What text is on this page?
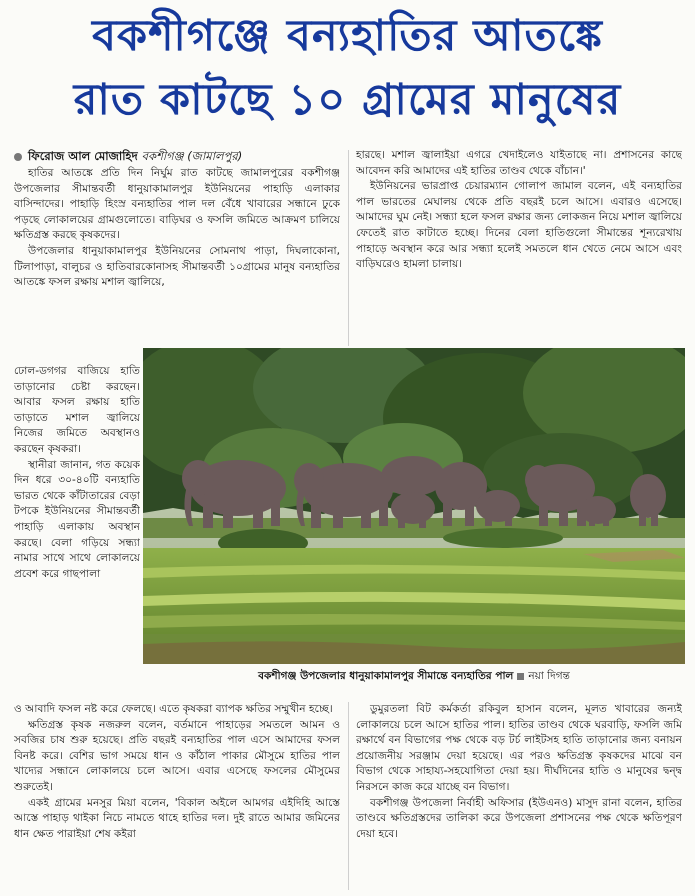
বকশীগঞ্জে বন্যহাতির আতঙ্কে
রাত কাটছে ১০ গ্রামের মানুষের
ফিরোজ আল মোজাহিদ বকশীগঞ্জ (জামালপুর)

হাতির আতঙ্কে প্রতি দিন নির্ঘুম রাত কাটছে জামালপুরের বকশীগঞ্জ উপজেলার সীমান্তবর্তী ধানুয়াকামালপুর ইউনিয়নের পাহাড়ি এলাকার বাসিন্দাদের। পাহাড়ি হিংস্র বন্যহাতির পাল দল বেঁধে খাবারের সন্ধানে ঢুকে পড়ছে লোকালয়ের গ্রামগুলোতে। বাড়িঘর ও ফসলি জমিতে আক্রমণ চালিয়ে ক্ষতিগ্রস্ত করছে কৃষকদের।

উপজেলার ধানুয়াকামালপুর ইউনিয়নের সোমনাথ পাড়া, দিঘলাকোনা, টিলাপাড়া, বালুচর ও হাতিবারকোনাসহ সীমান্তবর্তী ১০গ্রামের মানুষ বন্যহাতির আতঙ্কে ফসল রক্ষায় মশাল জ্বালিয়ে,

হারছে। মশাল জ্বালাইয়া এগরে খেদাইলেও যাইতাছে না। প্রশাসনের কাছে আবেদন করি আমাদের এই হাতির তাণ্ডব থেকে বাঁচান।'

ইউনিয়নের ভারপ্রাপ্ত চেয়ারম্যান গোলাপ জামাল বলেন, এই বন্যহাতির পাল ভারতের মেঘালয় থেকে প্রতি বছরই চলে আসে। এবারও এসেছে। আমাদের ঘুম নেই। সন্ধ্যা হলে ফসল রক্ষার জন্য লোকজন নিয়ে মশাল জ্বালিয়ে ফেতেই রাত কাটাতে হচ্ছে। দিনের বেলা হাতিগুলো সীমান্তের শূন্যরেখায় পাহাড়ে অবস্থান করে আর সন্ধ্যা হলেই সমতলে ধান খেতে নেমে আসে এবং বাড়িঘরেও হামলা চালায়।

ঢোল-ডগগর বাজিয়ে হাতি তাড়ানোর চেষ্টা করছেন। আবার ফসল রক্ষায় হাতি তাড়াতে মশাল জ্বালিয়ে নিজের জমিতে অবস্থানও করছেন কৃষকরা।

স্থানীরা জানান, গত কয়েক দিন ধরে ৩০-৪০টি বন্যহাতি ভারত থেকে কাঁটাতারের বেড়া টপকে ইউনিয়নের সীমান্তবর্তী পাহাড়ি এলাকায় অবস্থান করছে। বেলা গড়িয়ে সন্ধ্যা নামার সাথে সাথে লোকালয়ে প্রবেশ করে গাছপালা

বকশীগঞ্জ উপজেলার ধানুয়াকামালপুর সীমান্তে বন্যহাতির পাল নয়া দিগন্ত

ও আবাদি ফসল নষ্ট করে ফেলছে। এতে কৃষকরা ব্যাপক ক্ষতির সম্মুখীন হচ্ছে।

ক্ষতিগ্রস্ত কৃষক নজরুল বলেন, বর্তমানে পাহাড়ের সমতলে আমন ও সবজির চাষ শুরু হয়েছে। প্রতি বছরই বন্যহাতির পাল এসে আমাদের ফসল বিনষ্ট করে। বেশির ভাগ সময়ে ধান ও কাঁঠাল পাকার মৌসুমে হাতির পাল খাদ্যের সন্ধানে লোকালয়ে চলে আসে। এবার এসেছে ফসলের মৌসুমের শুরুতেই।

একই গ্রামের মনসুর মিয়া বলেন, 'বিকাল অইলে আমগর এইদিহি আস্তে আস্তে পাহাড় থাইকা নিচে নামতে থাহে হাতির দল। দুই রাতে আমার জমিনের ধান ক্ষেত পারাইয়া শেষ কইরা

ডুমুরতলা বিট কর্মকর্তা রকিবুল হাসান বলেন, মূলত খাবারের জন্যই লোকালয়ে চলে আসে হাতির পাল। হাতির তাণ্ডব থেকে ঘরবাড়ি, ফসলি জমি রক্ষার্থে বন বিভাগের পক্ষ থেকে বড় টর্চ লাইটসহ হাতি তাড়ানোর জন্য বনায়ন প্রয়োজনীয় সরঞ্জাম দেয়া হয়েছে। এর পরও ক্ষতিগ্রস্ত কৃষকদের মাঝে বন বিভাগ থেকে সাহায্য-সহযোগিতা দেয়া হয়। দীর্ঘদিনের হাতি ও মানুষের দ্বন্দ্ব নিরসনে কাজ করে যাচ্ছে বন বিভাগ।

বকশীগঞ্জ উপজেলা নির্বাহী অফিসার (ইউএনও) মাসুদ রানা বলেন, হাতির তাণ্ডবে ক্ষতিগ্রস্তদের তালিকা করে উপজেলা প্রশাসনের পক্ষ থেকে ক্ষতিপূরণ দেয়া হবে।
